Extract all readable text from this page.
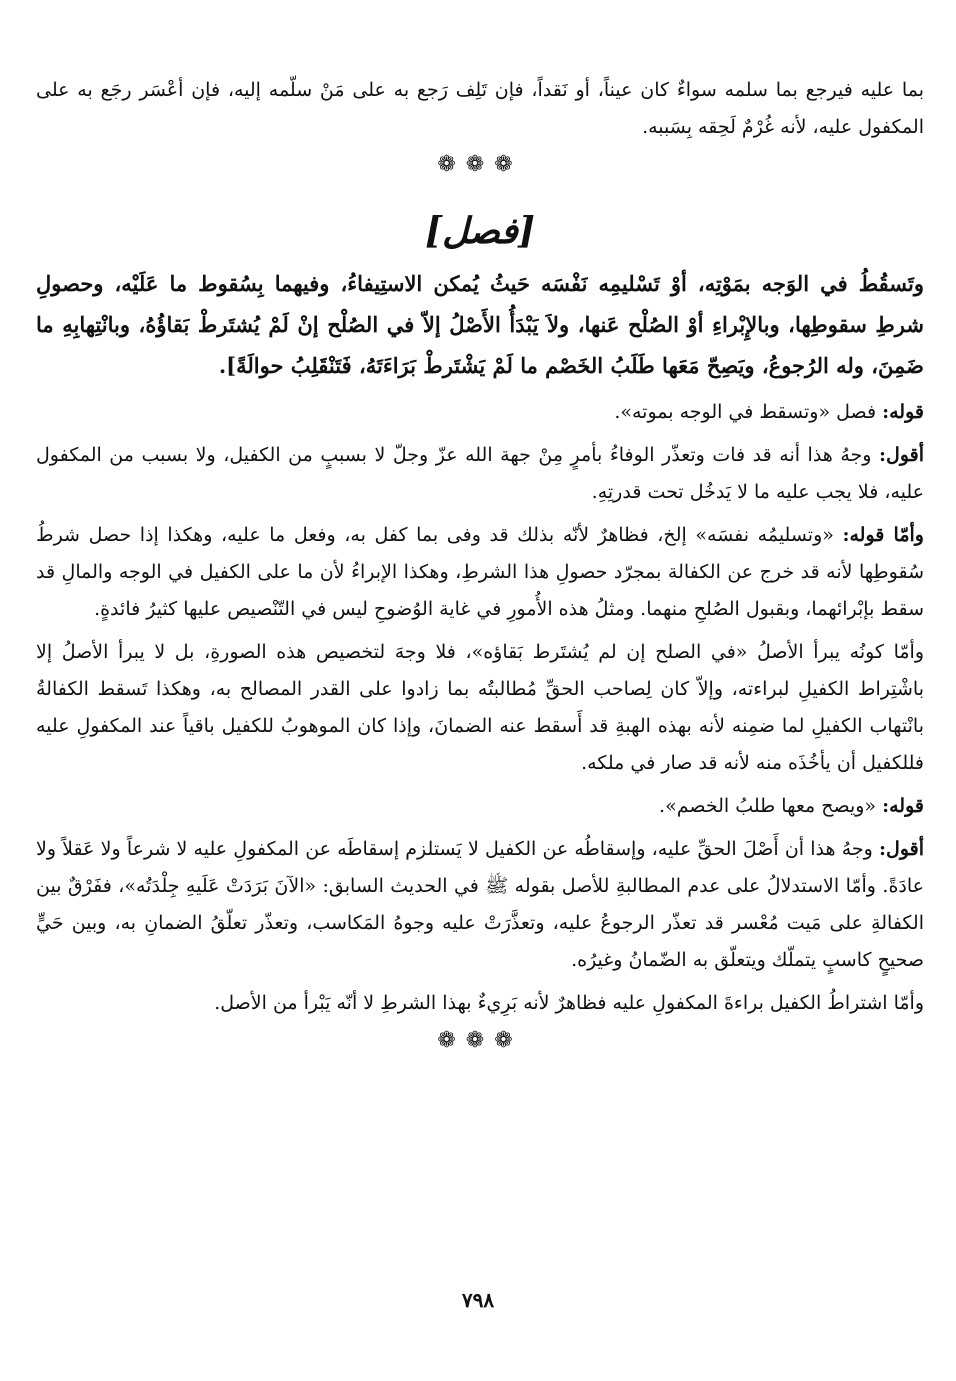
بما عليه فيرجع بما سلمه سواءٌ كان عيناً، أو نَقداً، فإن تَلِف رَجع به على مَنْ سلّمه إليه، فإن أعْسَر رجَع به على المكفول عليه، لأنه غُرْمٌ لَحِقه بِسَببه.

❁❁❁
[فصل]

وتَسقُطُ في الوَجه بمَوْتِه، أوْ تَسْليمِه نَفْسَه حَيثُ يُمكن الاستِيفاءُ، وفيهما بِسُقوط ما عَلَيْه، وحصولِ شرطِ سقوطِها، وبالإِبْراءِ أوْ الصُلْح عَنها، ولاَ يَبْدَأُ الأَصْلُ إلاّ في الصُلْح إنْ لَمْ يُشتَرطْ بَقاؤُهُ، وبانْتِهابِهِ ما ضَمِنَ، وله الرُجوعُ، ويَصِحّ مَعَها طَلَبُ الخَصْم ما لَمْ يَشْتَرطْ بَرَاءَتَهُ، فَتَنْقَلِبُ حوالَةً].

قوله: فصل «وتسقط في الوجه بموته».

أقول: وجهُ هذا أنه قد فات وتعذّر الوفاءُ بأمرٍ مِنْ جهة الله عزّ وجلّ لا بسببٍ من الكفيل، ولا بسبب من المكفول عليه، فلا يجب عليه ما لا يَدخُل تحت قدرتِهِ.

وأمّا قوله: «وتسليمُه نفسَه» إلخ، فظاهرٌ لأنّه بذلك قد وفى بما كفل به، وفعل ما عليه، وهكذا إذا حصل شرطُ سُقوطِها لأنه قد خرج عن الكفالة بمجرّد حصولِ هذا الشرطِ، وهكذا الإبراءُ لأن ما على الكفيل في الوجه والمالِ قد سقط بإبْرائهما، وبقبول الصُلحِ منهما. ومثلُ هذه الأُمورِ في غاية الوُضوحِ ليس في التّنْصيص عليها كثيرُ فائدةٍ.

وأمّا كونُه يبرأ الأصلُ «في الصلح إن لم يُشتَرط بَقاؤه»، فلا وجهَ لتخصيص هذه الصورةِ، بل لا يبرأ الأصلُ إلا باشْتِراط الكفيلِ لبراءته، وإلاّ كان لِصاحب الحقِّ مُطالبتُه بما زادوا على القدر المصالح به، وهكذا تَسقط الكفالةُ بانْتهاب الكفيلِ لما ضمِنه لأنه بهذه الهبةِ قد أَسقط عنه الضمانَ، وإذا كان الموهوبُ للكفيل باقياً عند المكفولِ عليه فللكفيل أن يأخُذَه منه لأنه قد صار في ملكه.

قوله: «ويصح معها طلبُ الخصم».

أقول: وجهُ هذا أن أَصْلَ الحقِّ عليه، وإسقاطُه عن الكفيل لا يَستلزم إسقاطَه عن المكفولِ عليه لا شرعاً ولا عَقلاً ولا عادَةً. وأمّا الاستدلالُ على عدم المطالبةِ للأصل بقوله ﷺ في الحديث السابق: «الآنَ بَرَدَتْ عَلَيهِ جِلْدَتُه»، ففَرْقٌ بين الكفالةِ على مَيت مُعْسر قد تعذّر الرجوعُ عليه، وتعذَّرَتْ عليه وجوهُ المَكاسب، وتعذّر تعلّقُ الضمانِ به، وبين حَيٍّ صحيحٍ كاسبٍ يتملّك ويتعلّق به الضّمانُ وغيرُه.

وأمّا اشتراطُ الكفيل براءةَ المكفولِ عليه فظاهرٌ لأنه بَرِيءٌ بهذا الشرطِ لا أنّه يَبْرأ من الأصل.

❁❁❁
٧٩٨
